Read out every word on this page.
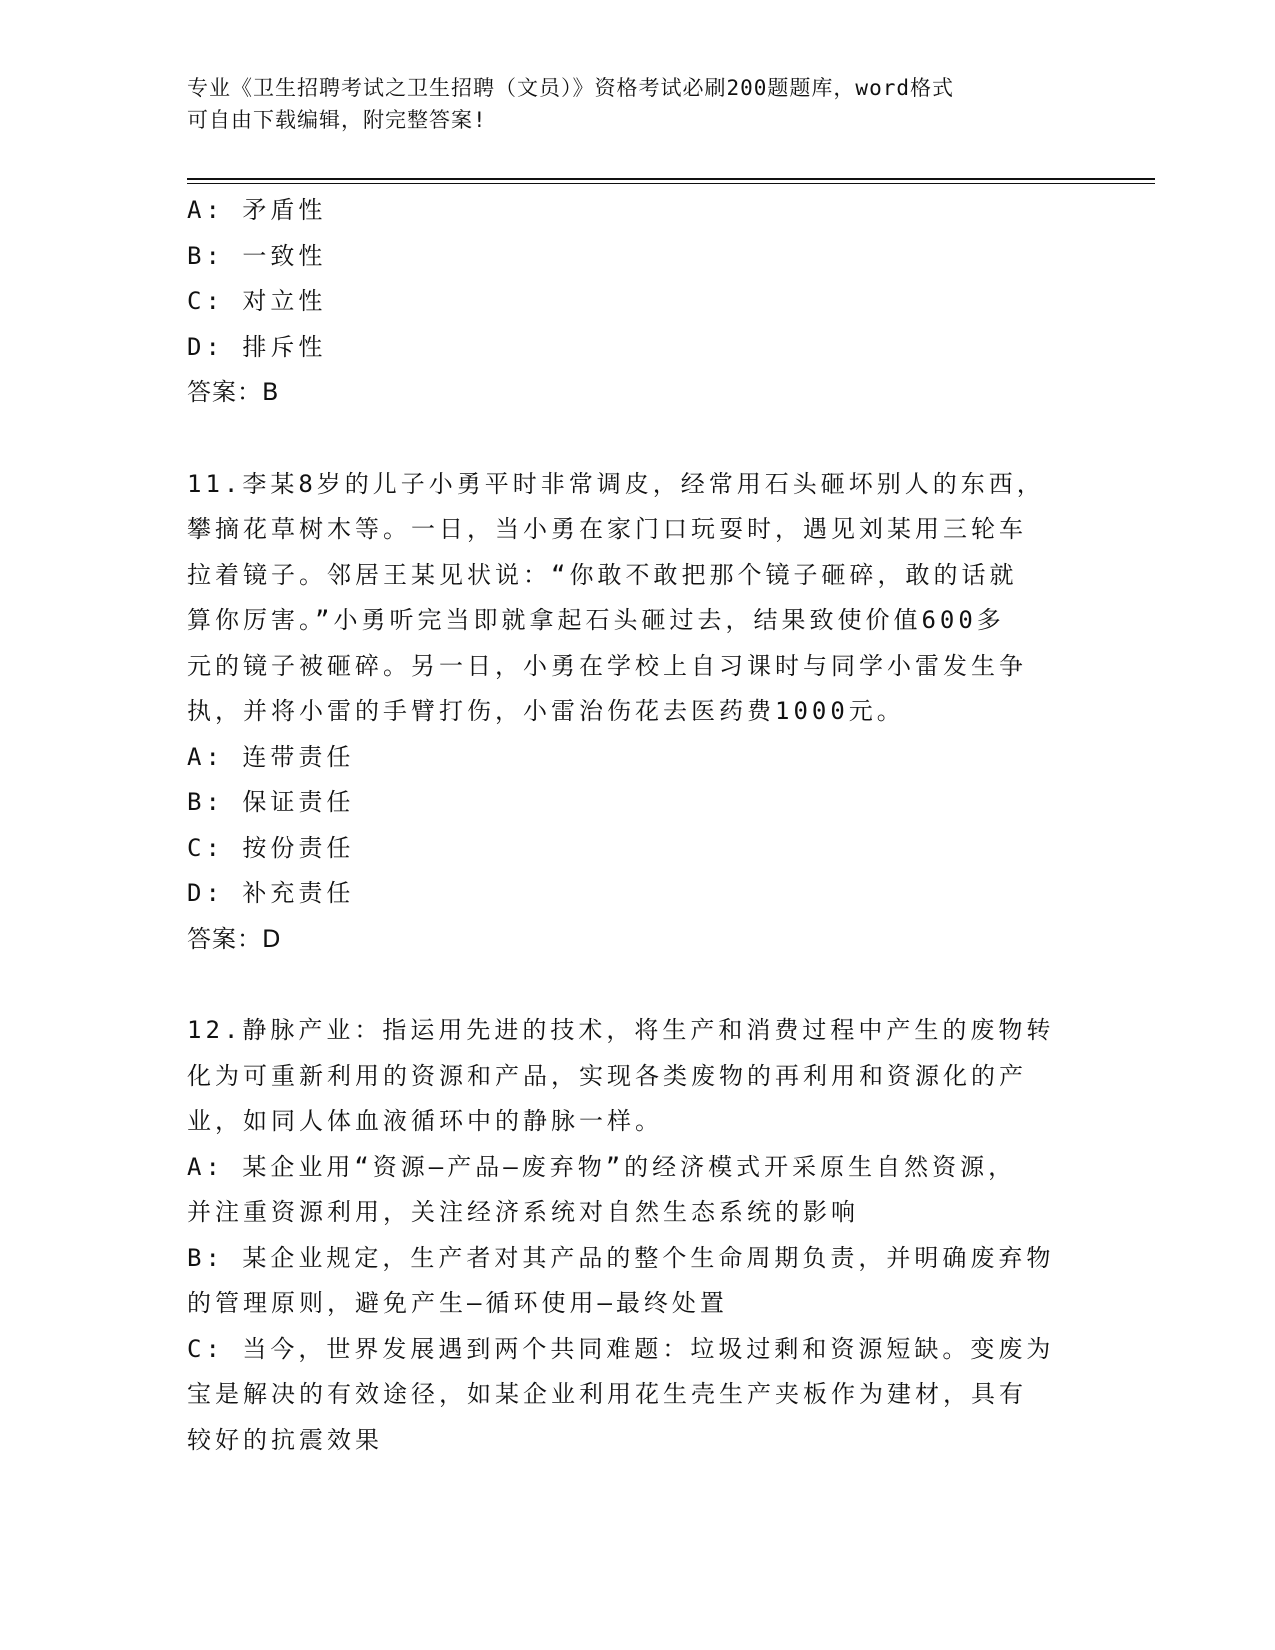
专业《卫生招聘考试之卫生招聘（文员）》资格考试必刷200题题库，word格式
可自由下载编辑，附完整答案!

A: 矛盾性

B: 一致性

C: 对立性

D: 排斥性

答案：B

11.李某8岁的儿子小勇平时非常调皮，经常用石头砸坏别人的东西，

攀摘花草树木等。一日，当小勇在家门口玩耍时，遇见刘某用三轮车

拉着镜子。邻居王某见状说：“你敢不敢把那个镜子砸碎，敢的话就

算你厉害。”小勇听完当即就拿起石头砸过去，结果致使价值600多

元的镜子被砸碎。另一日，小勇在学校上自习课时与同学小雷发生争

执，并将小雷的手臂打伤，小雷治伤花去医药费1000元。

A: 连带责任

B: 保证责任

C: 按份责任

D: 补充责任

答案：D

12.静脉产业：指运用先进的技术，将生产和消费过程中产生的废物转

化为可重新利用的资源和产品，实现各类废物的再利用和资源化的产

业，如同人体血液循环中的静脉一样。

A: 某企业用“资源—产品—废弃物”的经济模式开采原生自然资源，

并注重资源利用，关注经济系统对自然生态系统的影响

B: 某企业规定，生产者对其产品的整个生命周期负责，并明确废弃物

的管理原则，避免产生—循环使用—最终处置

C: 当今，世界发展遇到两个共同难题：垃圾过剩和资源短缺。变废为

宝是解决的有效途径，如某企业利用花生壳生产夹板作为建材，具有

较好的抗震效果
